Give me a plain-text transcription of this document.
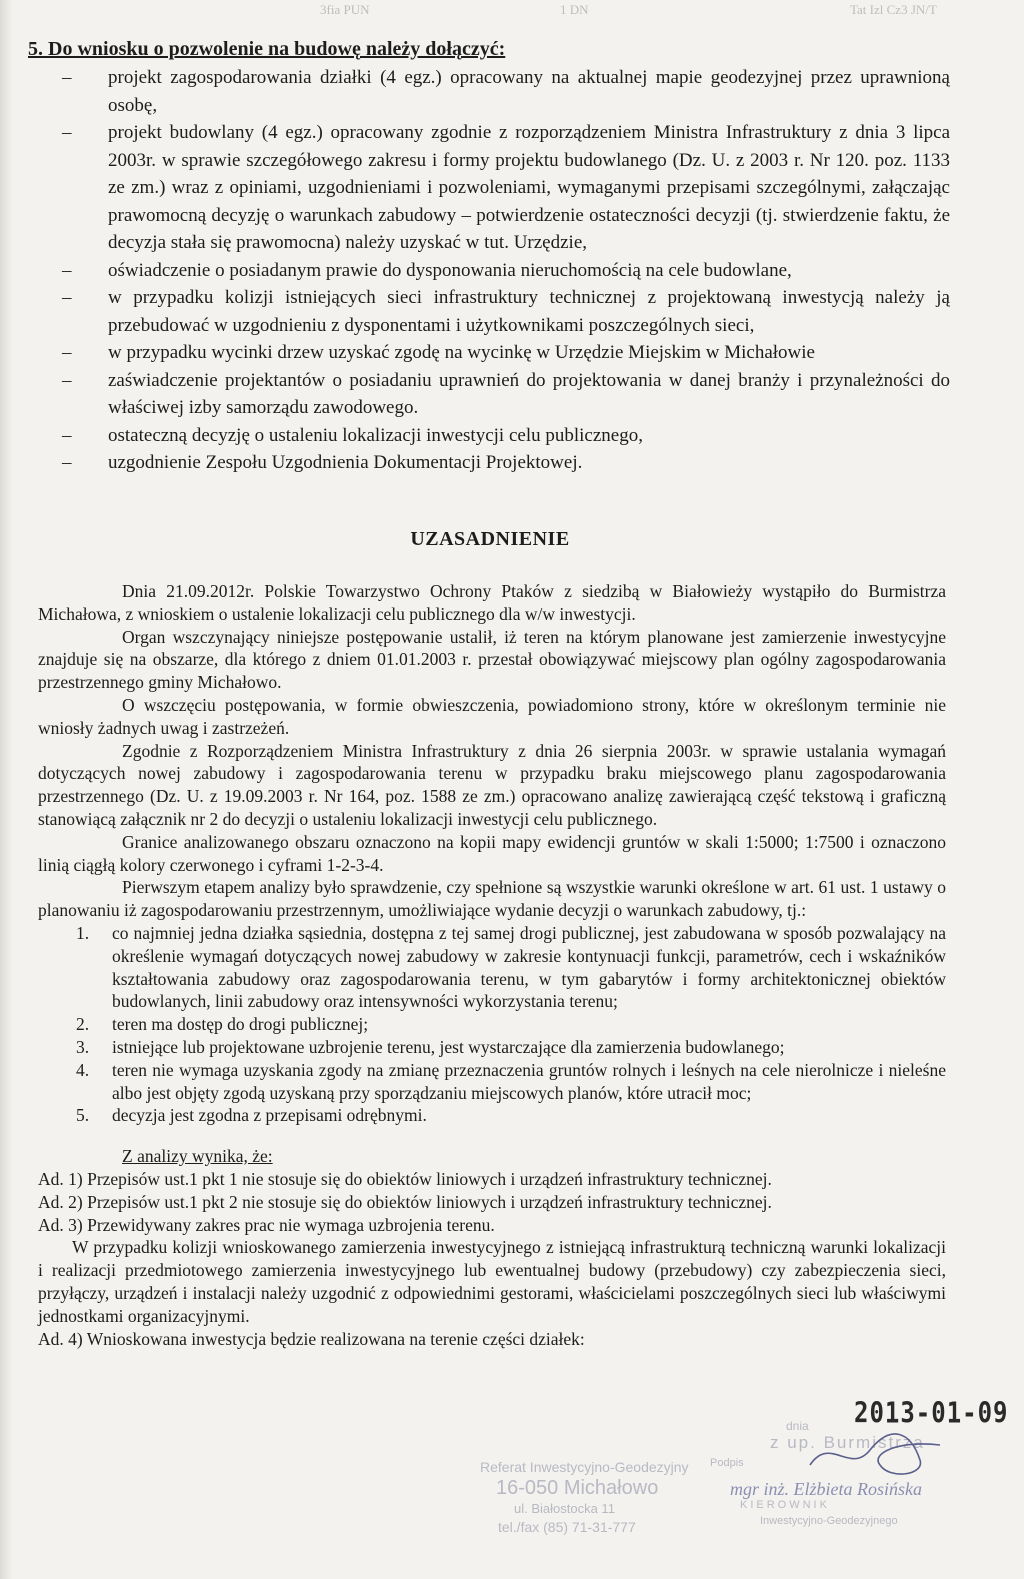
Tat Izl Cz3 JN/T
3fia PUN	1 DN
5. Do wniosku o pozwolenie na budowę należy dołączyć:
– projekt zagospodarowania działki (4 egz.) opracowany na aktualnej mapie geodezyjnej przez uprawnioną osobę,
– projekt budowlany (4 egz.) opracowany zgodnie z rozporządzeniem Ministra Infrastruktury z dnia 3 lipca 2003r. w sprawie szczegółowego zakresu i formy projektu budowlanego (Dz. U. z 2003 r. Nr 120. poz. 1133 ze zm.) wraz z opiniami, uzgodnieniami i pozwoleniami, wymaganymi przepisami szczególnymi, załączając prawomocną decyzję o warunkach zabudowy – potwierdzenie ostateczności decyzji (tj. stwierdzenie faktu, że decyzja stała się prawomocna) należy uzyskać w tut. Urzędzie,
– oświadczenie o posiadanym prawie do dysponowania nieruchomością na cele budowlane,
– w przypadku kolizji istniejących sieci infrastruktury technicznej z projektowaną inwestycją należy ją przebudować w uzgodnieniu z dysponentami i użytkownikami poszczególnych sieci,
– w przypadku wycinki drzew uzyskać zgodę na wycinkę w Urzędzie Miejskim w Michałowie
– zaświadczenie projektantów o posiadaniu uprawnień do projektowania w danej branży i przynależności do właściwej izby samorządu zawodowego.
– ostateczną decyzję o ustaleniu lokalizacji inwestycji celu publicznego,
– uzgodnienie Zespołu Uzgodnienia Dokumentacji Projektowej.
UZASADNIENIE

Dnia 21.09.2012r. Polskie Towarzystwo Ochrony Ptaków z siedzibą w Białowieży wystąpiło do Burmistrza Michałowa, z wnioskiem o ustalenie lokalizacji celu publicznego dla w/w inwestycji.

Organ wszczynający niniejsze postępowanie ustalił, iż teren na którym planowane jest zamierzenie inwestycyjne znajduje się na obszarze, dla którego z dniem 01.01.2003 r. przestał obowiązywać miejscowy plan ogólny zagospodarowania przestrzennego gminy Michałowo.

O wszczęciu postępowania, w formie obwieszczenia, powiadomiono strony, które w określonym terminie nie wniosły żadnych uwag i zastrzeżeń.

Zgodnie z Rozporządzeniem Ministra Infrastruktury z dnia 26 sierpnia 2003r. w sprawie ustalania wymagań dotyczących nowej zabudowy i zagospodarowania terenu w przypadku braku miejscowego planu zagospodarowania przestrzennego (Dz. U. z 19.09.2003 r. Nr 164, poz. 1588 ze zm.) opracowano analizę zawierającą część tekstową i graficzną stanowiącą załącznik nr 2 do decyzji o ustaleniu lokalizacji inwestycji celu publicznego.

Granice analizowanego obszaru oznaczono na kopii mapy ewidencji gruntów w skali 1:5000; 1:7500 i oznaczono linią ciągłą kolory czerwonego i cyframi 1-2-3-4.

Pierwszym etapem analizy było sprawdzenie, czy spełnione są wszystkie warunki określone w art. 61 ust. 1 ustawy o planowaniu iż zagospodarowaniu przestrzennym, umożliwiające wydanie decyzji o warunkach zabudowy, tj.:

1. co najmniej jedna działka sąsiednia, dostępna z tej samej drogi publicznej, jest zabudowana w sposób pozwalający na określenie wymagań dotyczących nowej zabudowy w zakresie kontynuacji funkcji, parametrów, cech i wskaźników kształtowania zabudowy oraz zagospodarowania terenu, w tym gabarytów i formy architektonicznej obiektów budowlanych, linii zabudowy oraz intensywności wykorzystania terenu;
2. teren ma dostęp do drogi publicznej;
3. istniejące lub projektowane uzbrojenie terenu, jest wystarczające dla zamierzenia budowlanego;
4. teren nie wymaga uzyskania zgody na zmianę przeznaczenia gruntów rolnych i leśnych na cele nierolnicze i nieleśne albo jest objęty zgodą uzyskaną przy sporządzaniu miejscowych planów, które utracił moc;
5. decyzja jest zgodna z przepisami odrębnymi.

Z analizy wynika, że:

Ad. 1) Przepisów ust.1 pkt 1 nie stosuje się do obiektów liniowych i urządzeń infrastruktury technicznej.

Ad. 2) Przepisów ust.1 pkt 2 nie stosuje się do obiektów liniowych i urządzeń infrastruktury technicznej.

Ad. 3) Przewidywany zakres prac nie wymaga uzbrojenia terenu.

W przypadku kolizji wnioskowanego zamierzenia inwestycyjnego z istniejącą infrastrukturą techniczną warunki lokalizacji i realizacji przedmiotowego zamierzenia inwestycyjnego lub ewentualnej budowy (przebudowy) czy zabezpieczenia sieci, przyłączy, urządzeń i instalacji należy uzgodnić z odpowiednimi gestorami, właścicielami poszczególnych sieci lub właściwymi jednostkami organizacyjnymi.

Ad. 4) Wnioskowana inwestycja będzie realizowana na terenie części działek:

2013-01-09
dnia
z up. Burmistrza
Podpis
mgr inż. Elżbieta Rosińska
KIEROWNIK
Inwestycyjno-Geodezyjnego
Referat Inwestycyjno-Geodezyjny
16-050 Michałowo
ul. Białostocka 11
tel./fax (85) 71-31-777
